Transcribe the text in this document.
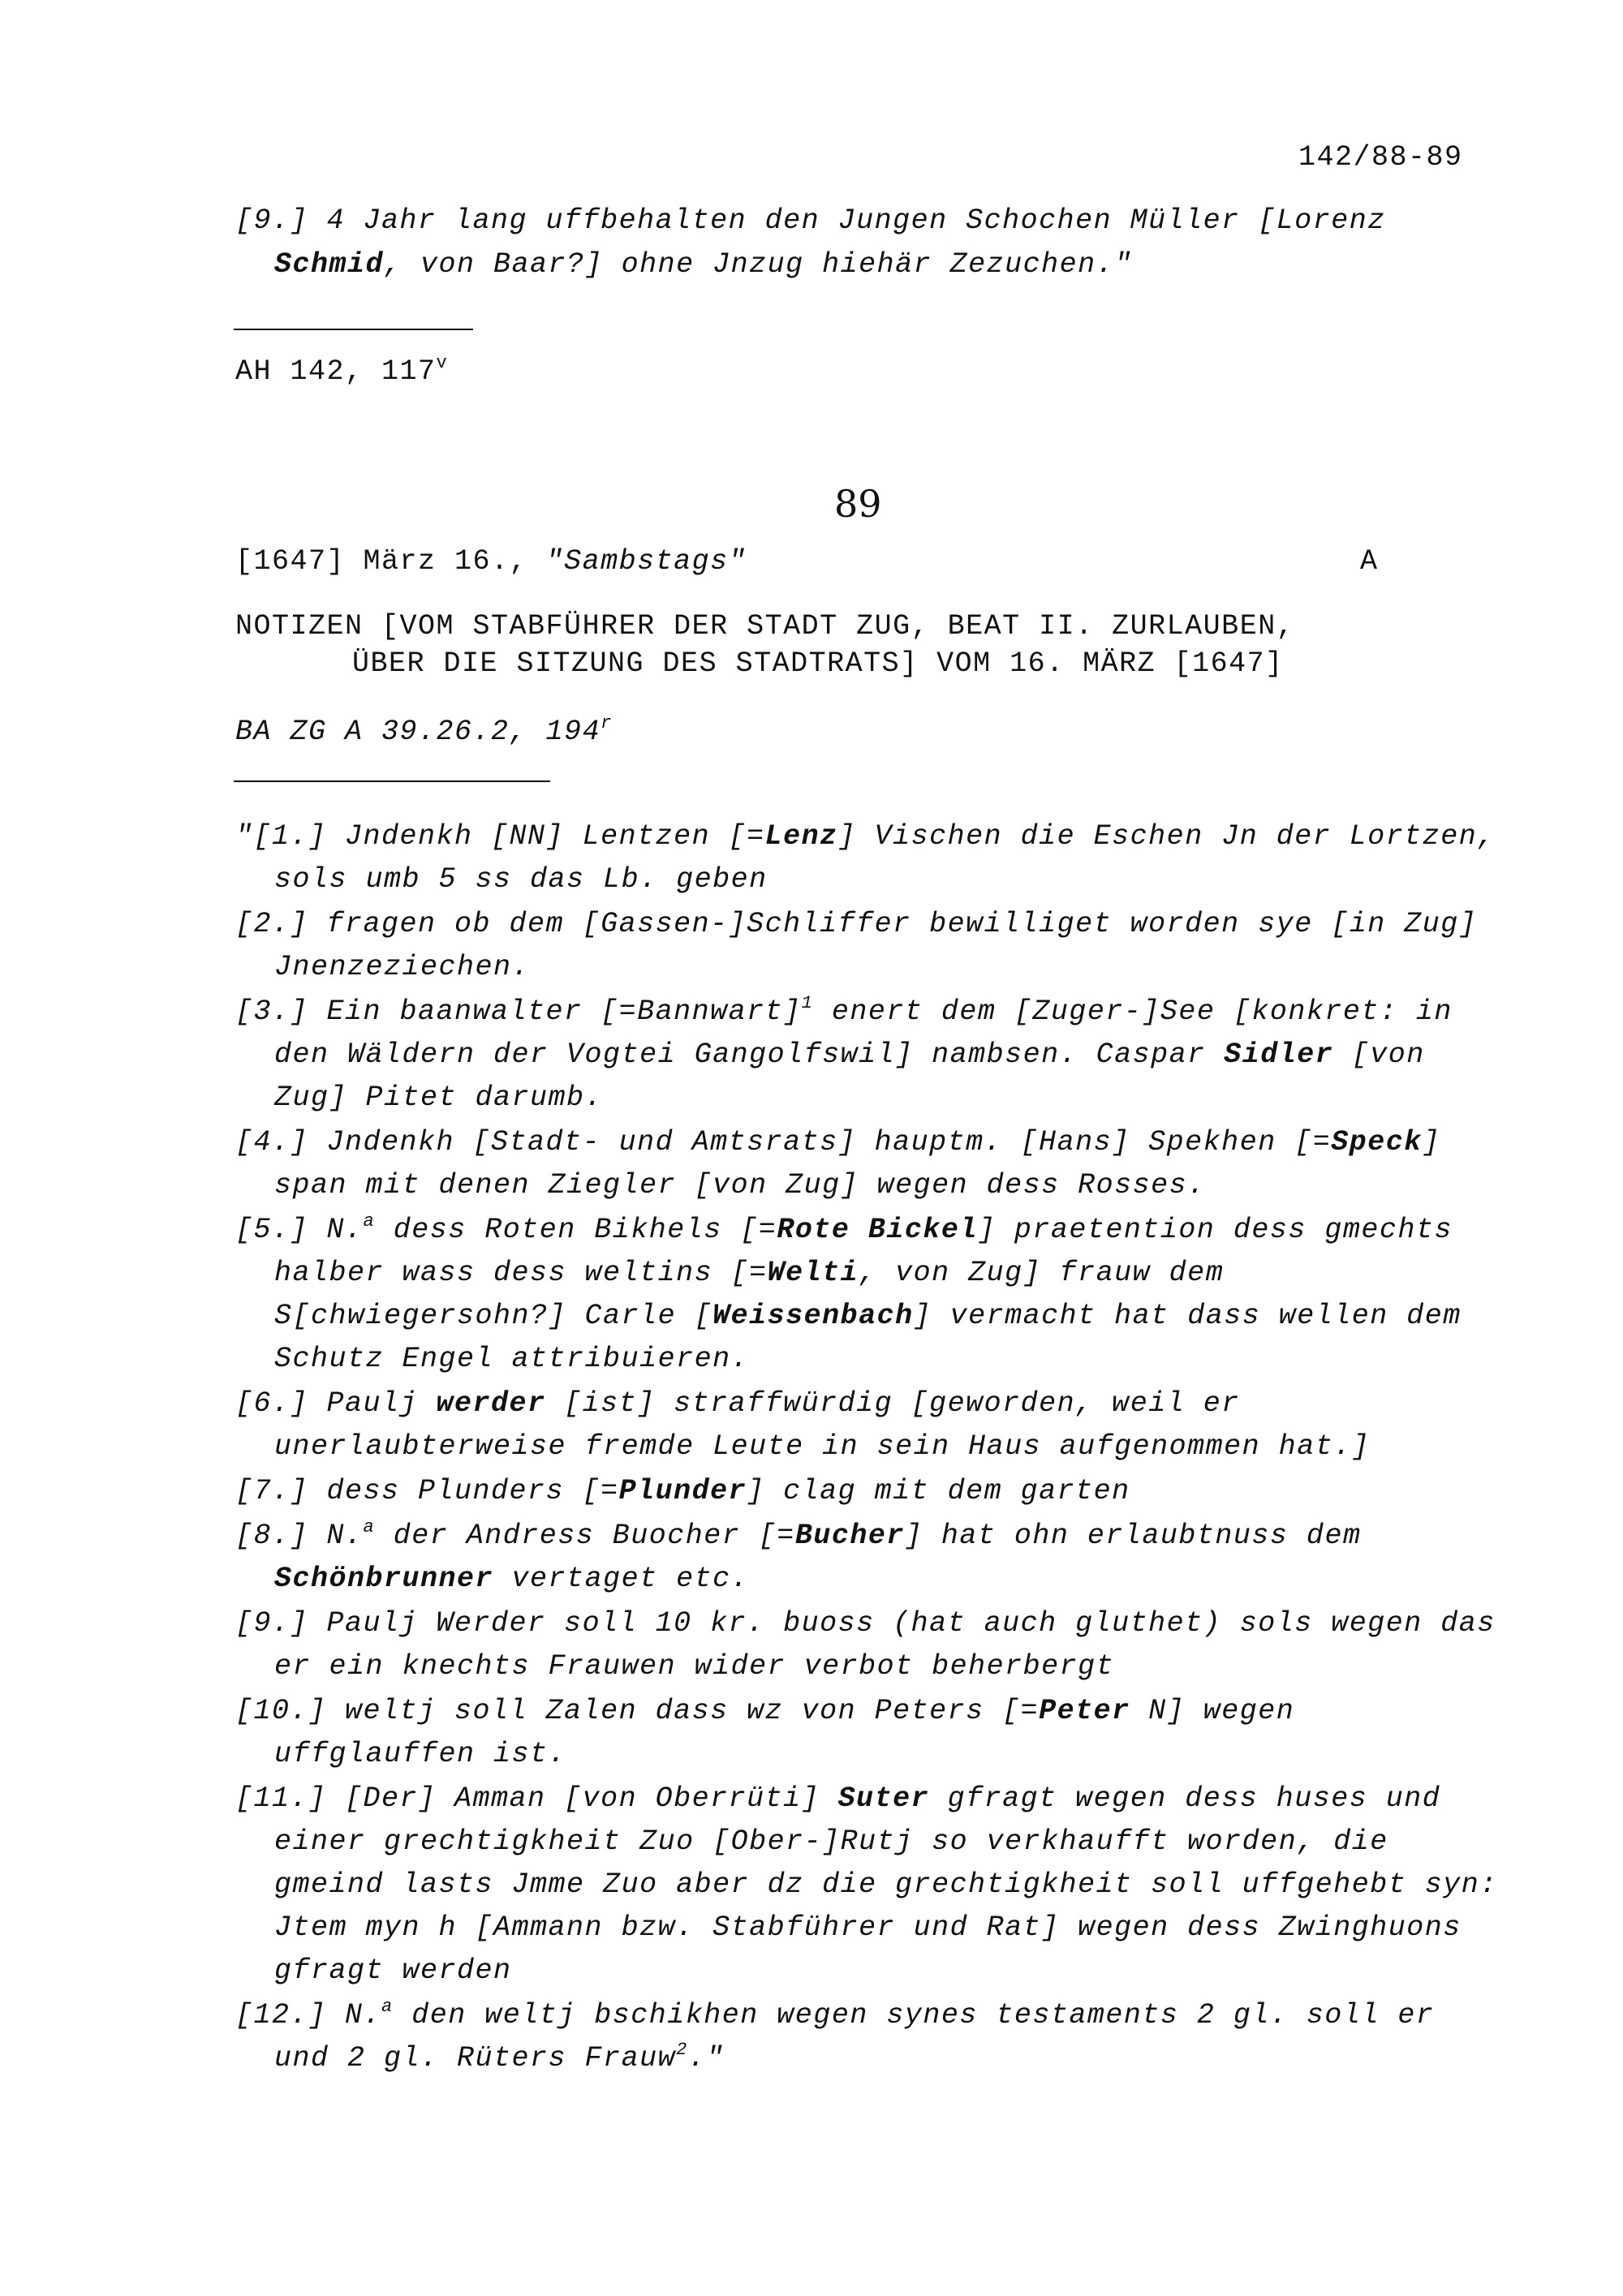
142/88-89
[9.] 4 Jahr lang uffbehalten den Jungen Schochen Müller [Lorenz
Schmid, von Baar?] ohne Jnzug hiehär Zezuchen."
AH 142, 117$^v$
89
[1647] März 16., "Sambstags"	A
NOTIZEN [VOM STABFÜHRER DER STADT ZUG, BEAT II. ZURLAUBEN,
ÜBER DIE SITZUNG DES STADTRATS] VOM 16. MÄRZ [1647]
BA ZG A 39.26.2, 194$^r$
"[1.] Jndenkh [NN] Lentzen [=Lenz] Vischen die Eschen Jn der Lortzen, sols umb 5 ss das Lb. geben
[2.] fragen ob dem [Gassen-]Schliffer bewilliget worden sye [in Zug] Jnenzeziechen.
[3.] Ein baanwalter [=Bannwart]$^1$ enert dem [Zuger-]See [konkret: in den Wäldern der Vogtei Gangolfswil] nambsen. Caspar Sidler [von Zug] Pitet darumb.
[4.] Jndenkh [Stadt- und Amtsrats] hauptm. [Hans] Spekhen [=Speck] span mit denen Ziegler [von Zug] wegen dess Rosses.
[5.] N.$^a$ dess Roten Bikhels [=Rote Bickel] praetention dess gmechts halber wass dess weltins [=Welti, von Zug] frauw dem S[chwiegersohn?] Carle [Weissenbach] vermacht hat dass wellen dem Schutz Engel attribuieren.
[6.] Paulj werder [ist] straffwürdig [geworden, weil er unerlaubterweise fremde Leute in sein Haus aufgenommen hat.]
[7.] dess Plunders [=Plunder] clag mit dem garten
[8.] N.$^a$ der Andress Buocher [=Bucher] hat ohn erlaubtnuss dem Schönbrunner vertaget etc.
[9.] Paulj Werder soll 10 kr. buoss (hat auch gluthet) sols wegen das er ein knechts Frauwen wider verbot beherbergt
[10.] weltj soll Zalen dass wz von Peters [=Peter N] wegen uffglauffen ist.
[11.] [Der] Amman [von Oberrüti] Suter gfragt wegen dess huses und einer grechtigkheit Zuo [Ober-]Rutj so verkhaufft worden, die gmeind lasts Jmme Zuo aber dz die grechtigkheit soll uffgehebt syn: Jtem myn h [Ammann bzw. Stabführer und Rat] wegen dess Zwinghuons gfragt werden
[12.] N.$^a$ den weltj bschikhen wegen synes testaments 2 gl. soll er und 2 gl. Rüters Frauw$^2$."
